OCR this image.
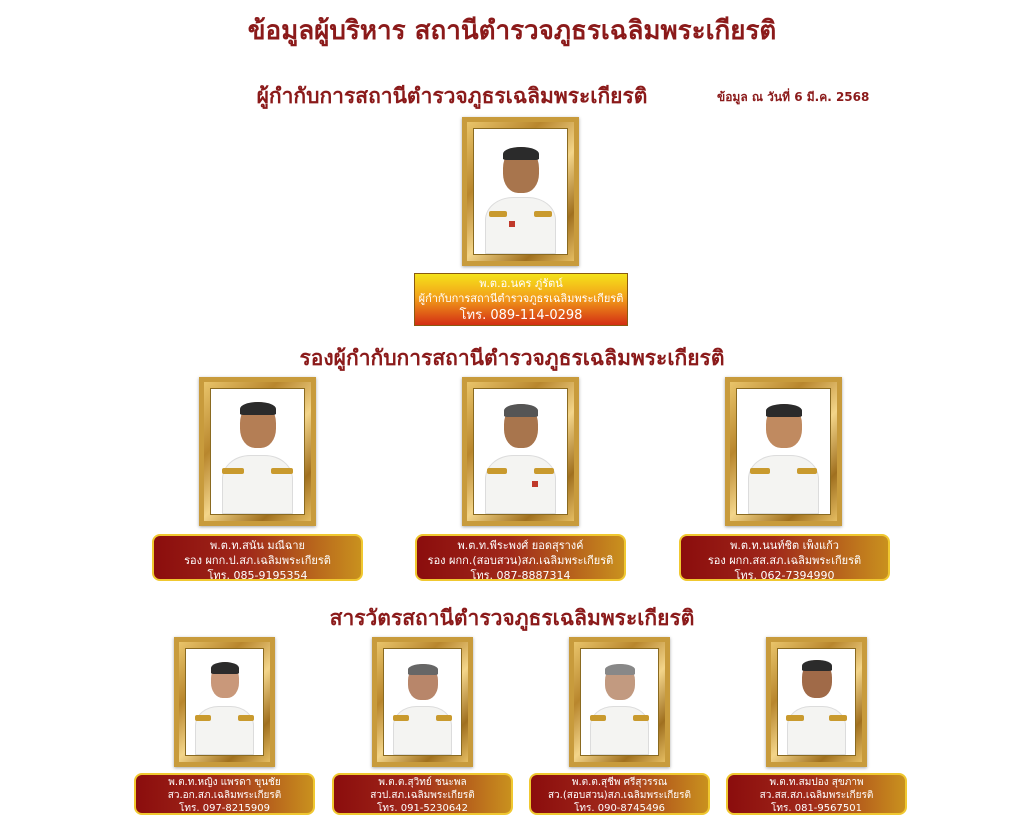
ข้อมูลผู้บริหาร สถานีตำรวจภูธรเฉลิมพระเกียรติ
ผู้กำกับการสถานีตำรวจภูธรเฉลิมพระเกียรติ	ข้อมูล ณ วันที่ 6 มี.ค. 2568
พ.ต.อ.นคร ภู่รัตน์
ผู้กำกับการสถานีตำรวจภูธรเฉลิมพระเกียรติ
โทร. 089-114-0298
รองผู้กำกับการสถานีตำรวจภูธรเฉลิมพระเกียรติ
พ.ต.ท.สนั่น มณีฉาย
รอง ผกก.ป.สภ.เฉลิมพระเกียรติ
โทร. 085-9195354
พ.ต.ท.พีระพงศ์ ยอดสุรางค์
รอง ผกก.(สอบสวน)สภ.เฉลิมพระเกียรติ
โทร. 087-8887314
พ.ต.ท.นนท์ชิต เพ็งแก้ว
รอง ผกก.สส.สภ.เฉลิมพระเกียรติ
โทร. 062-7394990
สารวัตรสถานีตำรวจภูธรเฉลิมพระเกียรติ
พ.ต.ท.หญิง แพรดา ขุนชัย
สว.อก.สภ.เฉลิมพระเกียรติ
โทร. 097-8215909
พ.ต.ต.สุวิทย์ ชนะพล
สวป.สภ.เฉลิมพระเกียรติ
โทร. 091-5230642
พ.ต.ต.สุชีพ ศรีสุวรรณ
สว.(สอบสวน)สภ.เฉลิมพระเกียรติ
โทร. 090-8745496
พ.ต.ท.สมปอง สุขภาพ
สว.สส.สภ.เฉลิมพระเกียรติ
โทร. 081-9567501
